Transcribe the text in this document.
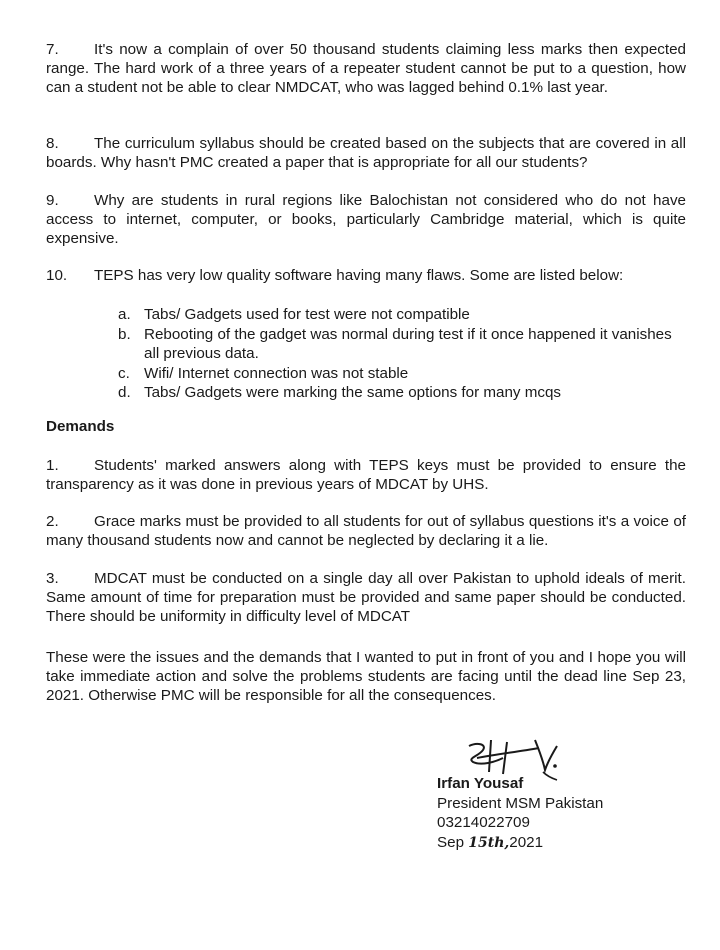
7. It's now a complain of over 50 thousand students claiming less marks then expected range. The hard work of a three years of a repeater student cannot be put to a question, how can a student not be able to clear NMDCAT, who was lagged behind 0.1% last year.
8. The curriculum syllabus should be created based on the subjects that are covered in all boards. Why hasn't PMC created a paper that is appropriate for all our students?
9. Why are students in rural regions like Balochistan not considered who do not have access to internet, computer, or books, particularly Cambridge material, which is quite expensive.
10. TEPS has very low quality software having many flaws. Some are listed below:
a. Tabs/ Gadgets used for test were not compatible
b. Rebooting of the gadget was normal during test if it once happened it vanishes all previous data.
c. Wifi/ Internet connection was not stable
d. Tabs/ Gadgets were marking the same options for many mcqs
Demands
1. Students' marked answers along with TEPS keys must be provided to ensure the transparency as it was done in previous years of MDCAT by UHS.
2. Grace marks must be provided to all students for out of syllabus questions it's a voice of many thousand students now and cannot be neglected by declaring it a lie.
3. MDCAT must be conducted on a single day all over Pakistan to uphold ideals of merit. Same amount of time for preparation must be provided and same paper should be conducted. There should be uniformity in difficulty level of MDCAT
These were the issues and the demands that I wanted to put in front of you and I hope you will take immediate action and solve the problems students are facing until the dead line Sep 23, 2021. Otherwise PMC will be responsible for all the consequences.
Irfan Yousaf
President MSM Pakistan
03214022709
Sep 15th,2021
